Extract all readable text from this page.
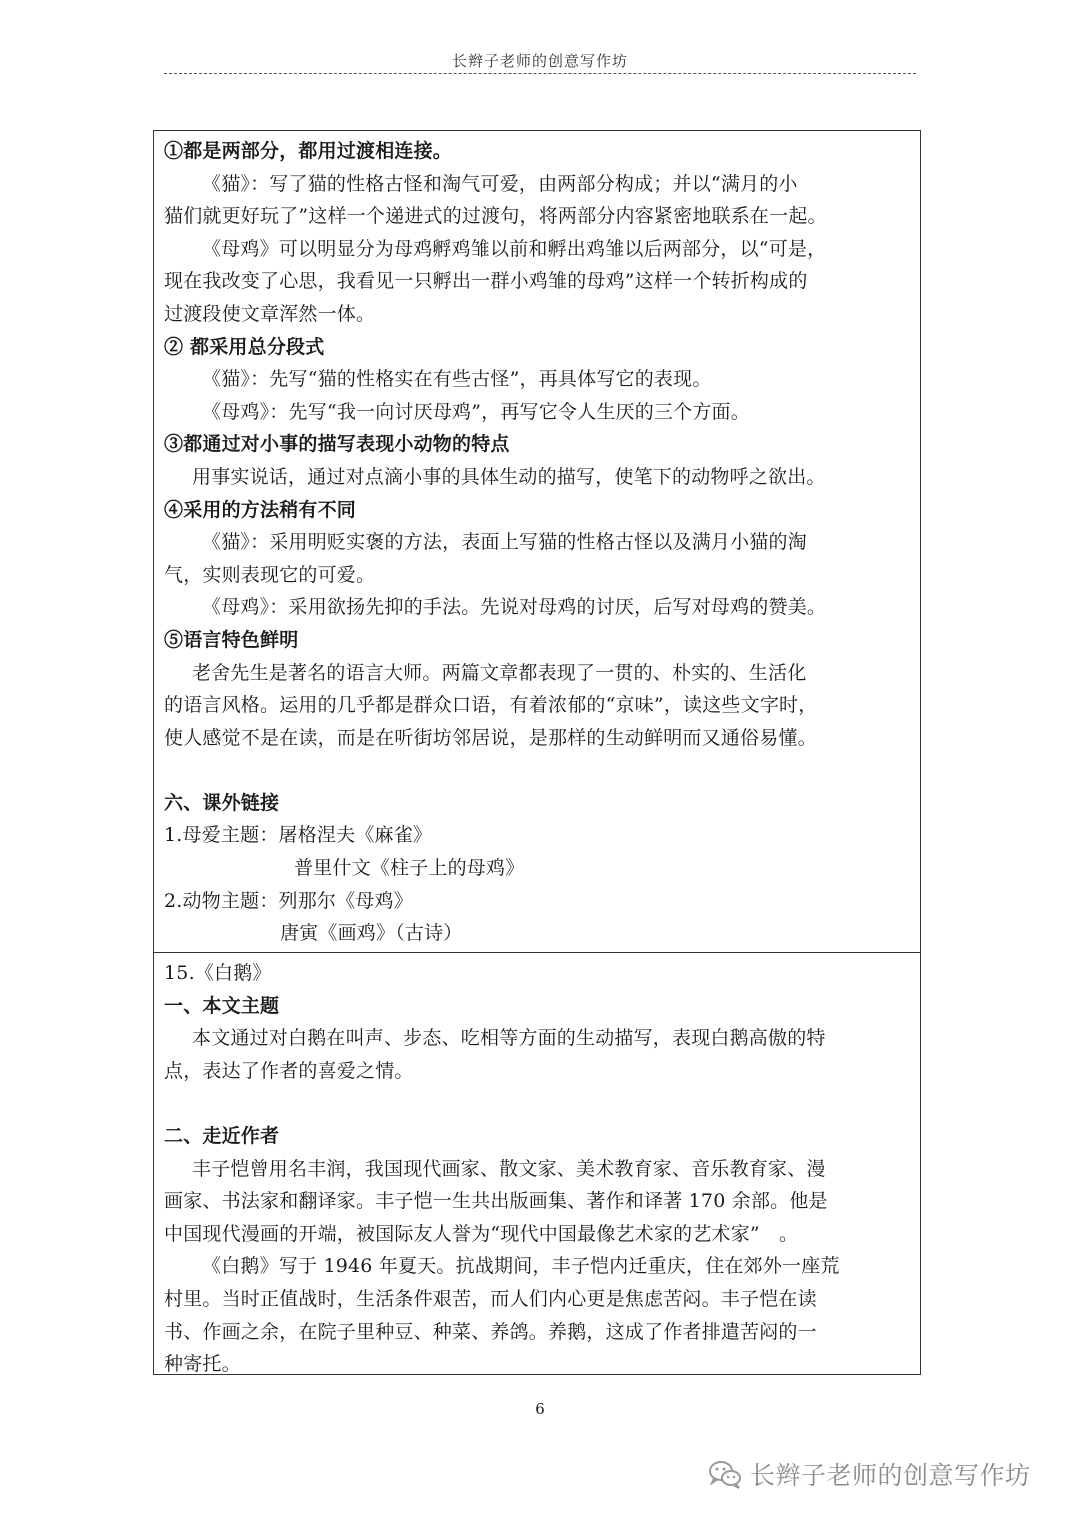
长辫子老师的创意写作坊
①都是两部分，都用过渡相连接。
《猫》：写了猫的性格古怪和淘气可爱，由两部分构成；并以“满月的小
猫们就更好玩了”这样一个递进式的过渡句，将两部分内容紧密地联系在一起。
《母鸡》可以明显分为母鸡孵鸡雏以前和孵出鸡雏以后两部分，以“可是，
现在我改变了心思，我看见一只孵出一群小鸡雏的母鸡”这样一个转折构成的
过渡段使文章浑然一体。
② 都采用总分段式
《猫》：先写“猫的性格实在有些古怪”，再具体写它的表现。
《母鸡》：先写“我一向讨厌母鸡”，再写它令人生厌的三个方面。
③都通过对小事的描写表现小动物的特点
用事实说话，通过对点滴小事的具体生动的描写，使笔下的动物呼之欲出。
④采用的方法稍有不同
《猫》：采用明贬实褒的方法，表面上写猫的性格古怪以及满月小猫的淘
气，实则表现它的可爱。
《母鸡》：采用欲扬先抑的手法。先说对母鸡的讨厌，后写对母鸡的赞美。
⑤语言特色鲜明
老舍先生是著名的语言大师。两篇文章都表现了一贯的、朴实的、生活化
的语言风格。运用的几乎都是群众口语，有着浓郁的“京味”，读这些文字时，
使人感觉不是在读，而是在听街坊邻居说，是那样的生动鲜明而又通俗易懂。
六、课外链接
1.母爱主题：屠格涅夫《麻雀》
普里什文《柱子上的母鸡》
2.动物主题：列那尔《母鸡》
唐寅《画鸡》（古诗）
15.《白鹅》
一、本文主题
本文通过对白鹅在叫声、步态、吃相等方面的生动描写，表现白鹅高傲的特
点，表达了作者的喜爱之情。
二、走近作者
丰子恺曾用名丰润，我国现代画家、散文家、美术教育家、音乐教育家、漫
画家、书法家和翻译家。丰子恺一生共出版画集、著作和译著 170 余部。他是
中国现代漫画的开端，被国际友人誉为“现代中国最像艺术家的艺术家”　。
《白鹅》写于 1946 年夏天。抗战期间，丰子恺内迁重庆，住在郊外一座荒
村里。当时正值战时，生活条件艰苦，而人们内心更是焦虑苦闷。丰子恺在读
书、作画之余，在院子里种豆、种菜、养鸽。养鹅，这成了作者排遣苦闷的一
种寄托。
6
长辫子老师的创意写作坊
